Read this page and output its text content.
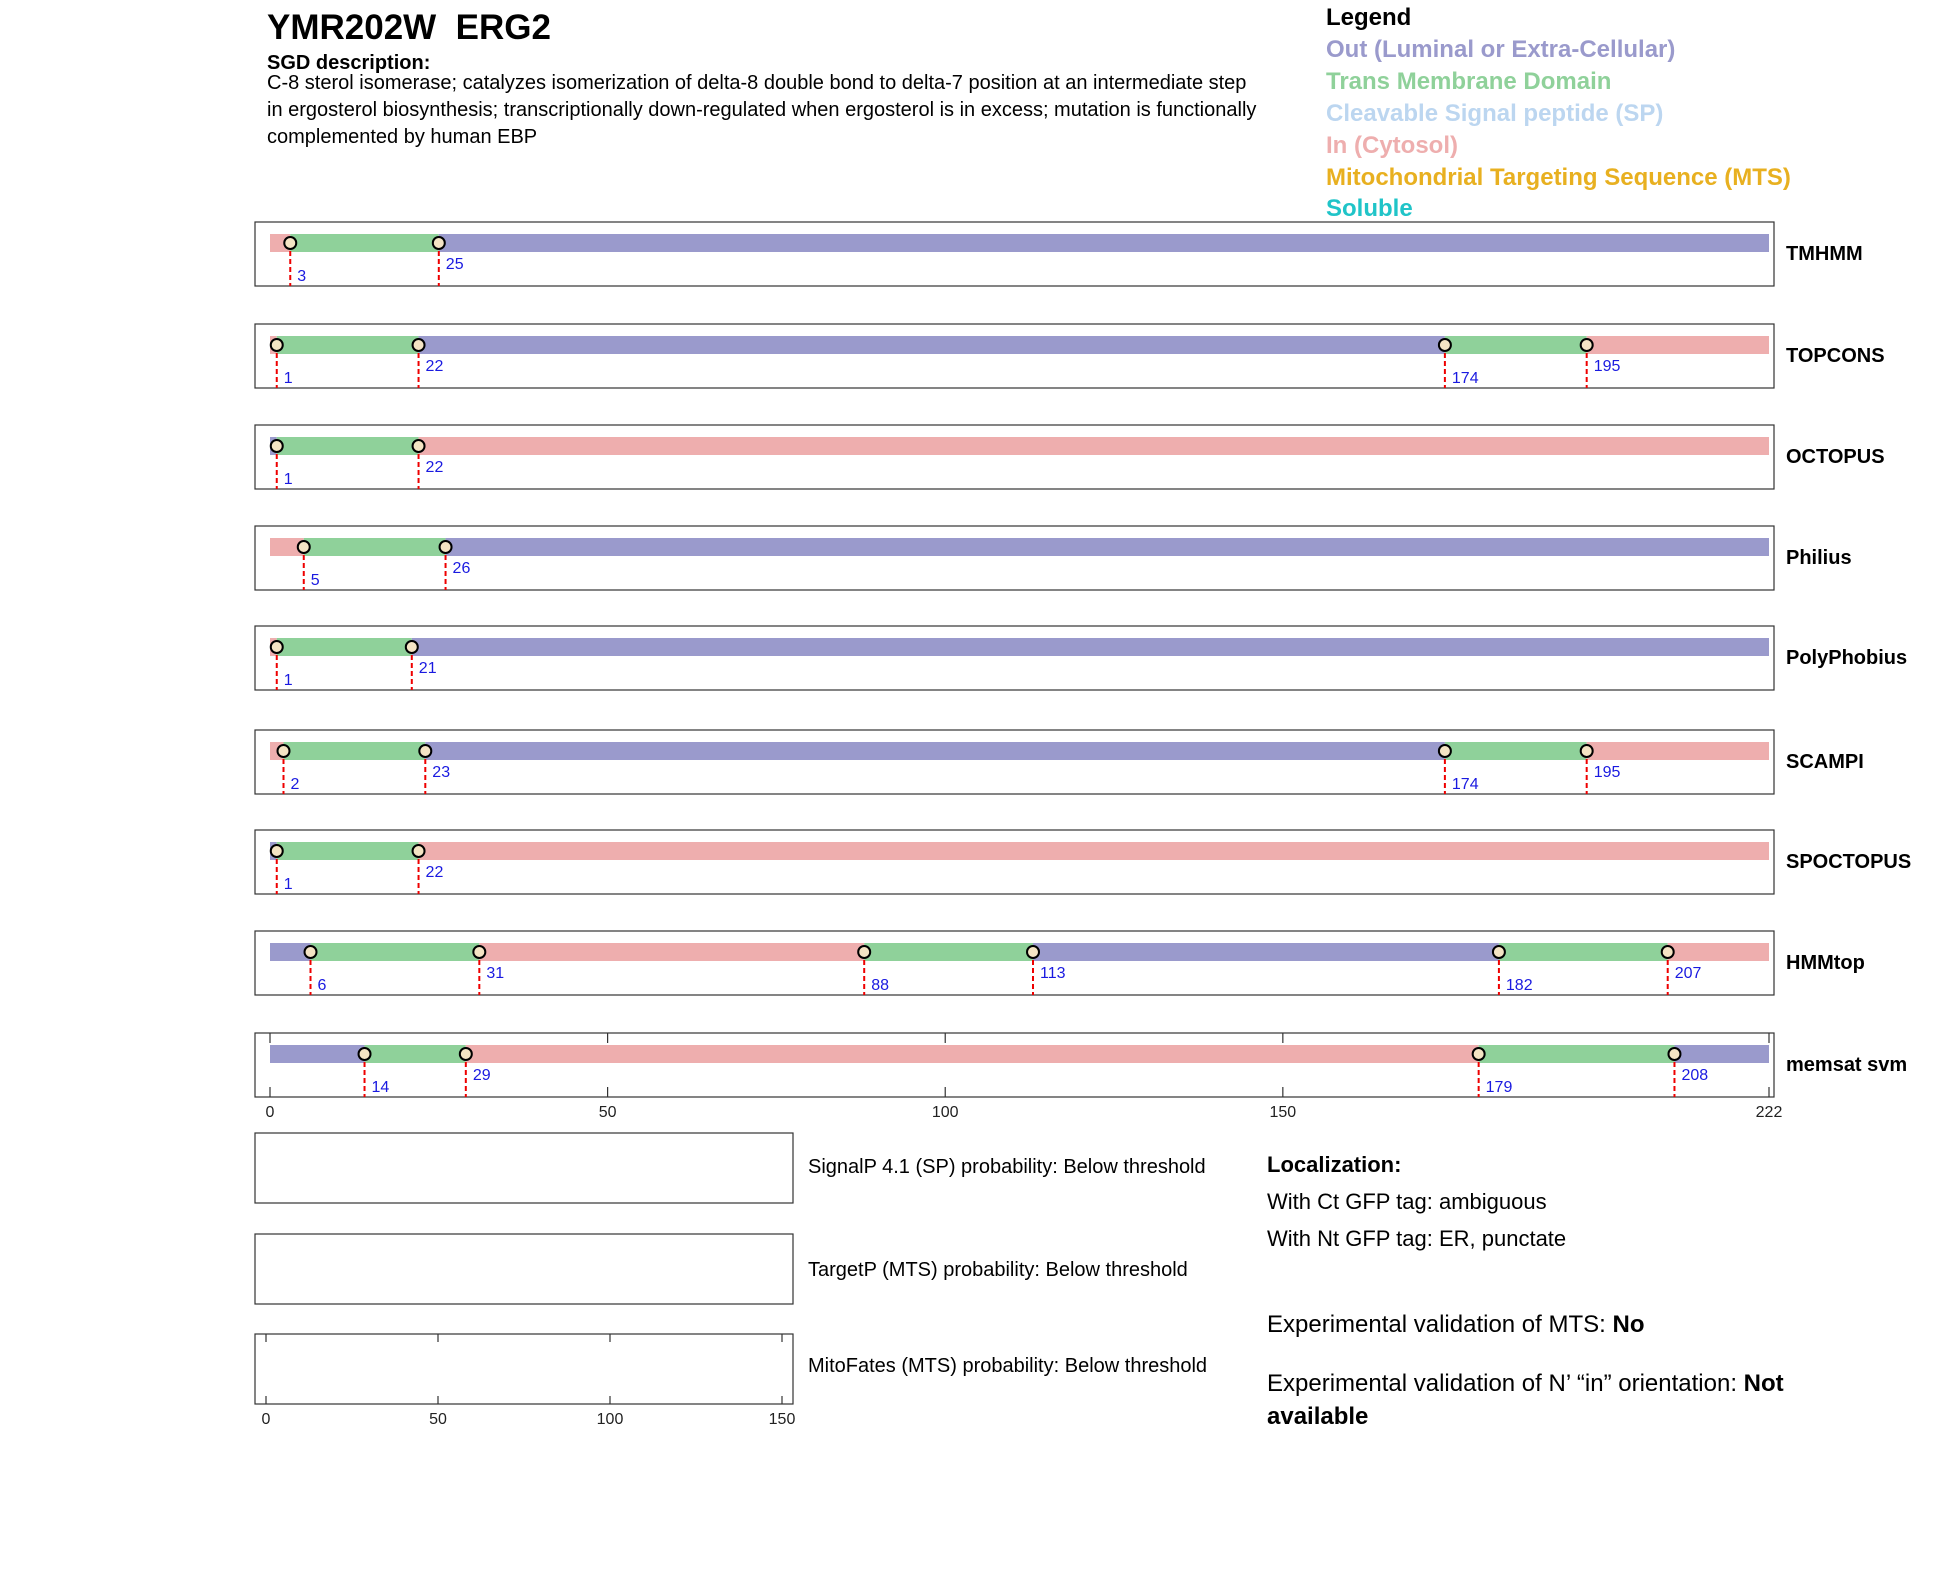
YMR202W  ERG2
SGD description:
C-8 sterol isomerase; catalyzes isomerization of delta-8 double bond to delta-7 position at an intermediate step in ergosterol biosynthesis; transcriptionally down-regulated when ergosterol is in excess; mutation is functionally complemented by human EBP
Legend
Out (Luminal or Extra-Cellular)
Trans Membrane Domain
Cleavable Signal peptide (SP)
In (Cytosol)
Mitochondrial Targeting Sequence (MTS)
Soluble
3
25	TMHMM
1
22
174
195	TOPCONS
1
22	OCTOPUS
5
26	Philius
1
21	PolyPhobius
2
23
174
195	SCAMPI
1
22	SPOCTOPUS
6
31
88
113
182
207	HMMtop
14
29
179
208	memsat svm
0	50	100	150	222
0	50	100	150
SignalP 4.1 (SP) probability: Below threshold
TargetP (MTS) probability: Below threshold
MitoFates (MTS) probability: Below threshold
Localization:
With Ct GFP tag: ambiguous
With Nt GFP tag: ER, punctate
Experimental validation of MTS: No
Experimental validation of N’ “in” orientation: Not available
